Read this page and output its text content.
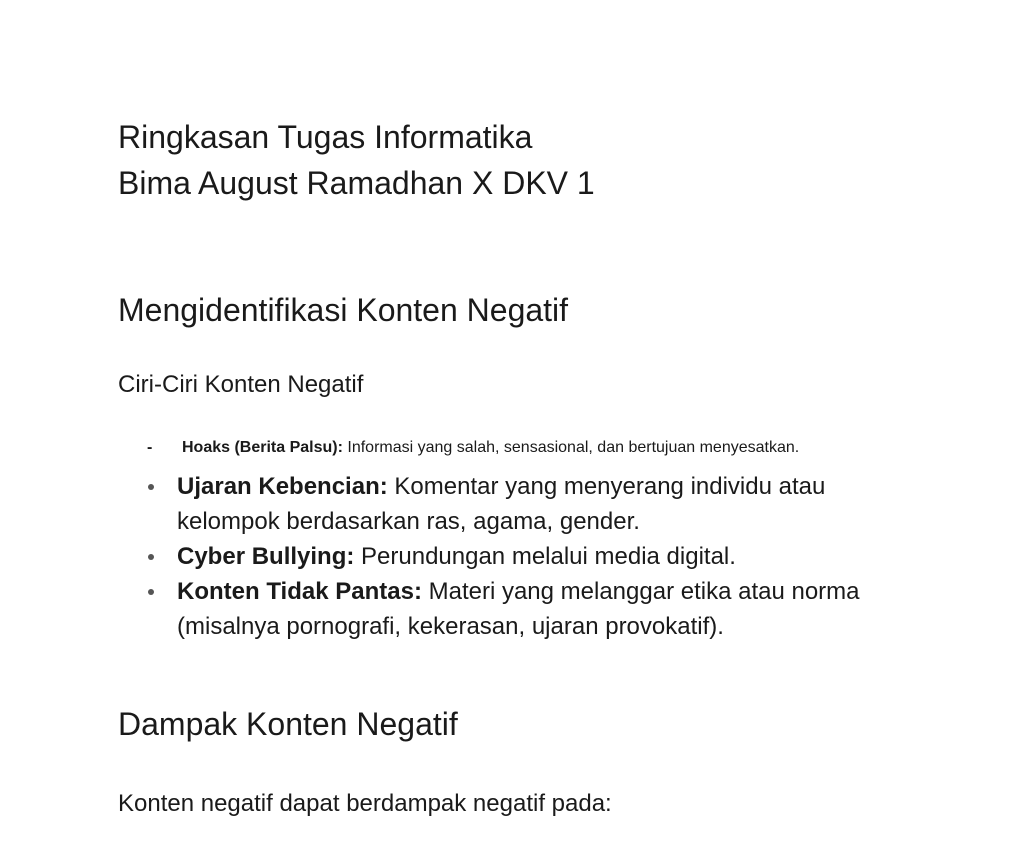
Ringkasan Tugas Informatika
Bima August Ramadhan X DKV 1
Mengidentifikasi Konten Negatif
Ciri-Ciri Konten Negatif
- Hoaks (Berita Palsu): Informasi yang salah, sensasional, dan bertujuan menyesatkan.
Ujaran Kebencian: Komentar yang menyerang individu atau kelompok berdasarkan ras, agama, gender.
Cyber Bullying: Perundungan melalui media digital.
Konten Tidak Pantas: Materi yang melanggar etika atau norma (misalnya pornografi, kekerasan, ujaran provokatif).
Dampak Konten Negatif
Konten negatif dapat berdampak negatif pada:
